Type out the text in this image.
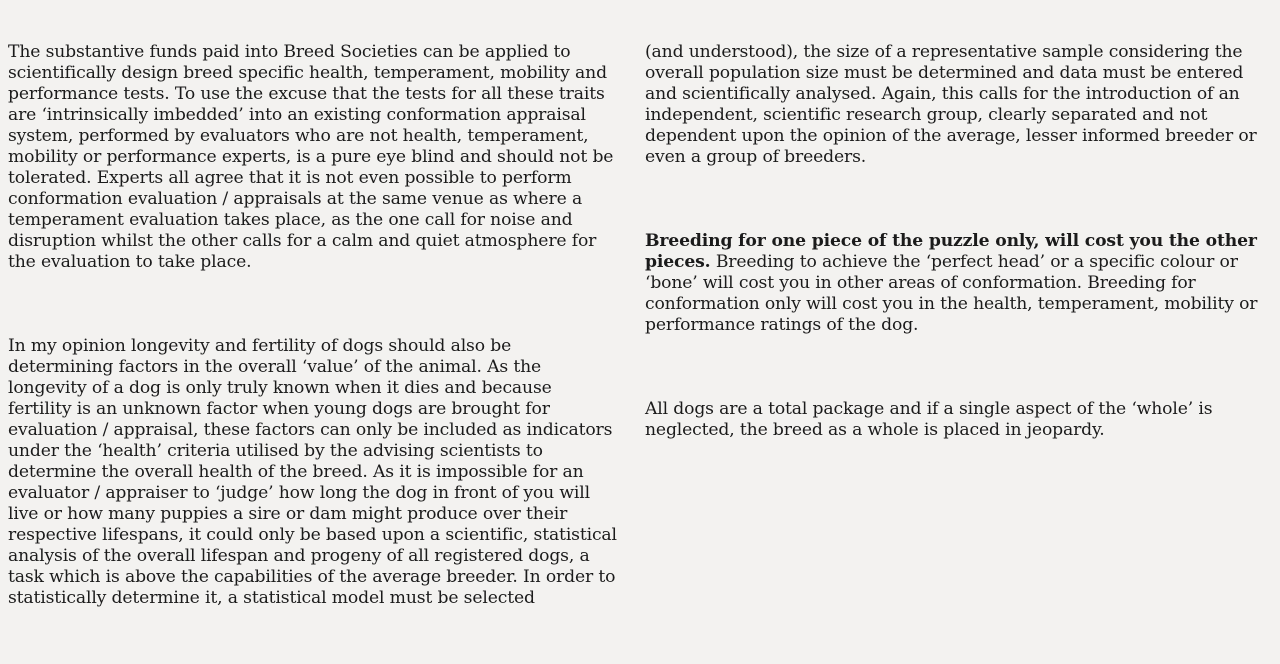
The substantive funds paid into Breed Societies can be applied to scientifically design breed specific health, temperament, mobility and performance tests. To use the excuse that the tests for all these traits are ‘intrinsically imbedded’ into an existing conformation appraisal system, performed by evaluators who are not health, temperament, mobility or performance experts, is a pure eye blind and should not be tolerated. Experts all agree that it is not even possible to perform conformation evaluation / appraisals at the same venue as where a temperament evaluation takes place, as the one call for noise and disruption whilst the other calls for a calm and quiet atmosphere for the evaluation to take place.

In my opinion longevity and fertility of dogs should also be determining factors in the overall ‘value’ of the animal. As the longevity of a dog is only truly known when it dies and because fertility is an unknown factor when young dogs are brought for evaluation / appraisal, these factors can only be included as indicators under the ‘health’ criteria utilised by the advising scientists to determine the overall health of the breed. As it is impossible for an evaluator / appraiser to ‘judge’ how long the dog in front of you will live or how many puppies a sire or dam might produce over their respective lifespans, it could only be based upon a scientific, statistical analysis of the overall lifespan and progeny of all registered dogs, a task which is above the capabilities of the average breeder. In order to statistically determine it, a statistical model must be selected

(and understood), the size of a representative sample considering the overall population size must be determined and data must be entered and scientifically analysed. Again, this calls for the introduction of an independent, scientific research group, clearly separated and not dependent upon the opinion of the average, lesser informed breeder or even a group of breeders.

Breeding for one piece of the puzzle only, will cost you the other pieces. Breeding to achieve the ‘perfect head’ or a specific colour or ‘bone’ will cost you in other areas of conformation. Breeding for conformation only will cost you in the health, temperament, mobility or performance ratings of the dog.

All dogs are a total package and if a single aspect of the ‘whole’ is neglected, the breed as a whole is placed in jeopardy.
